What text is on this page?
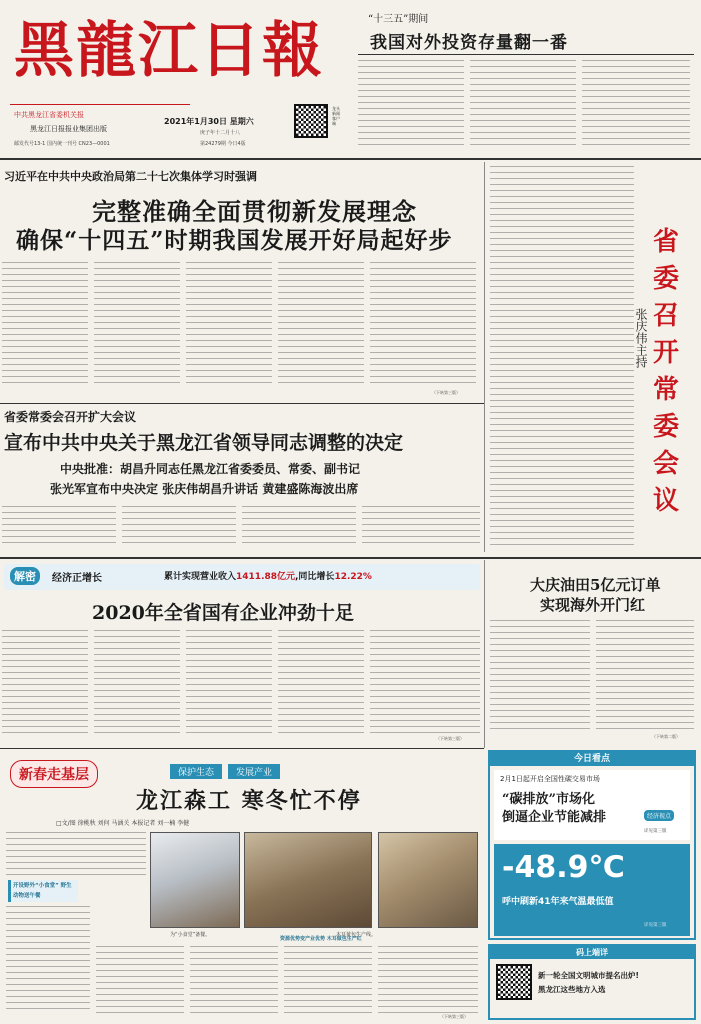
黑龍江日報
中共黑龙江省委机关报
黑龙江日报报业集团出版
邮发代号13-1 国内统一刊号 CN23—0001
2021年1月30日 星期六
庚子年十二月十八
第24279期 今日4版
龙头新闻客户端
“十三五”期间
我国对外投资存量翻一番
习近平在中共中央政治局第二十七次集体学习时强调
完整准确全面贯彻新发展理念
确保“十四五”时期我国发展开好局起好步
（下转第三版）
省
委
召
开
常
委
会
议
张庆伟主持
省委常委会召开扩大会议
宣布中共中央关于黑龙江省领导同志调整的决定
中央批准：胡昌升同志任黑龙江省委委员、常委、副书记
张光军宣布中央决定 张庆伟胡昌升讲话 黄建盛陈海波出席
解密	经济正增长	累计实现营业收入1411.88亿元,同比增长12.22%
2020年全省国有企业冲劲十足
（下转第三版）
大庆油田5亿元订单
实现海外开门红
（下转第二版）
新春走基层	保护生态	发展产业
龙江森工 寒冬忙不停
□文/图 徐桃秋 刘何 马涵关 本报记者 刘一楠 李健
开设野外“小食堂” 野生动物送午餐
为“小食堂”备餐。	木耳黄包生产线。
资源优势变产业优势 木耳做包生产红
（下转第三版）
今日看点
2月1日起开启全国性碳交易市场
“碳排放”市场化
倒逼企业节能减排	经济视点
详见第三版
-48.9℃
呼中刷新41年来气温最低值
详见第三版
码上端详
新一轮全国文明城市提名出炉!
黑龙江这些地方入选
